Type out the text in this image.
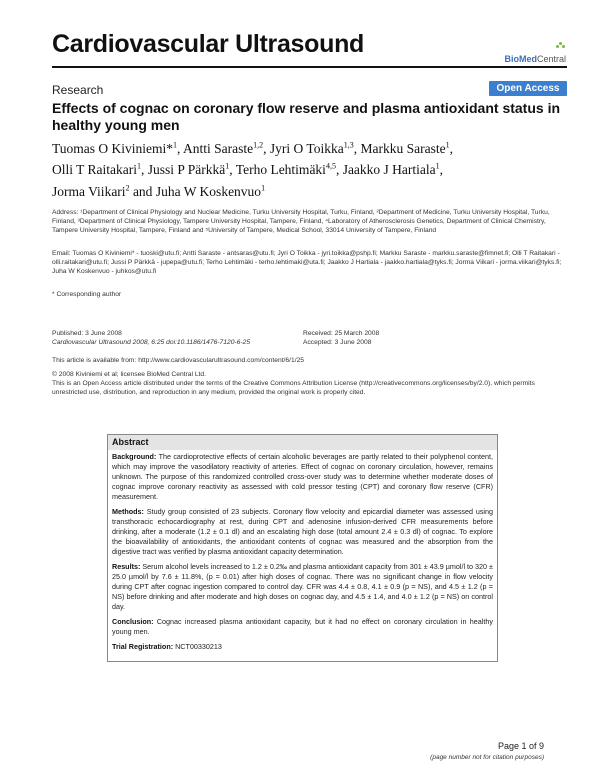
Cardiovascular Ultrasound
BioMedCentral
Research	Open Access
Effects of cognac on coronary flow reserve and plasma antioxidant status in healthy young men
Tuomas O Kiviniemi*$^1$, Antti Saraste$^{1,2}$, Jyri O Toikka$^{1,3}$, Markku Saraste$^1$,
Olli T Raitakari$^1$, Jussi P Pärkkä$^1$, Terho Lehtimäki$^{4,5}$, Jaakko J Hartiala$^1$,
Jorma Viikari$^2$ and Juha W Koskenvuo$^1$
Address: ¹Department of Clinical Physiology and Nuclear Medicine, Turku University Hospital, Turku, Finland, ²Department of Medicine, Turku University Hospital, Turku, Finland, ³Department of Clinical Physiology, Tampere University Hospital, Tampere, Finland, ⁴Laboratory of Atherosclerosis Genetics, Department of Clinical Chemistry, Tampere University Hospital, Tampere, Finland and ⁵University of Tampere, Medical School, 33014 University of Tampere, Finland
Email: Tuomas O Kiviniemi* - tuoski@utu.fi; Antti Saraste - antsaras@utu.fi; Jyri O Toikka - jyri.toikka@pshp.fi; Markku Saraste - markku.saraste@fimnet.fi; Olli T Raitakari - olli.raitakari@utu.fi; Jussi P Pärkkä - jupepa@utu.fi; Terho Lehtimäki - terho.lehtimaki@uta.fi; Jaakko J Hartiala - jaakko.hartiala@tyks.fi; Jorma Viikari - jorma.viikari@tyks.fi; Juha W Koskenvuo - juhkos@utu.fi
* Corresponding author
Published: 3 June 2008
Cardiovascular Ultrasound 2008, 6:25 doi:10.1186/1476-7120-6-25
Received: 25 March 2008
Accepted: 3 June 2008
This article is available from: http://www.cardiovascularultrasound.com/content/6/1/25
© 2008 Kiviniemi et al; licensee BioMed Central Ltd.
This is an Open Access article distributed under the terms of the Creative Commons Attribution License (http://creativecommons.org/licenses/by/2.0), which permits unrestricted use, distribution, and reproduction in any medium, provided the original work is properly cited.
Abstract

Background: The cardioprotective effects of certain alcoholic beverages are partly related to their polyphenol content, which may improve the vasodilatory reactivity of arteries. Effect of cognac on coronary circulation, however, remains unknown. The purpose of this randomized controlled cross-over study was to determine whether moderate doses of cognac improve coronary reactivity as assessed with cold pressor testing (CPT) and coronary flow reserve (CFR) measurement.

Methods: Study group consisted of 23 subjects. Coronary flow velocity and epicardial diameter was assessed using transthoracic echocardiography at rest, during CPT and adenosine infusion-derived CFR measurements before drinking, after a moderate (1.2 ± 0.1 dl) and an escalating high dose (total amount 2.4 ± 0.3 dl) of cognac. To explore the bioavailability of antioxidants, the antioxidant contents of cognac was measured and the absorption from the digestive tract was verified by plasma antioxidant capacity determination.

Results: Serum alcohol levels increased to 1.2 ± 0.2‰ and plasma antioxidant capacity from 301 ± 43.9 µmol/l to 320 ± 25.0 µmol/l by 7.6 ± 11.8%, (p = 0.01) after high doses of cognac. There was no significant change in flow velocity during CPT after cognac ingestion compared to control day. CFR was 4.4 ± 0.8, 4.1 ± 0.9 (p = NS), and 4.5 ± 1.2 (p = NS) before drinking and after moderate and high doses on cognac day, and 4.5 ± 1.4, and 4.0 ± 1.2 (p = NS) on control day.

Conclusion: Cognac increased plasma antioxidant capacity, but it had no effect on coronary circulation in healthy young men.

Trial Registration: NCT00330213

Page 1 of 9
(page number not for citation purposes)
